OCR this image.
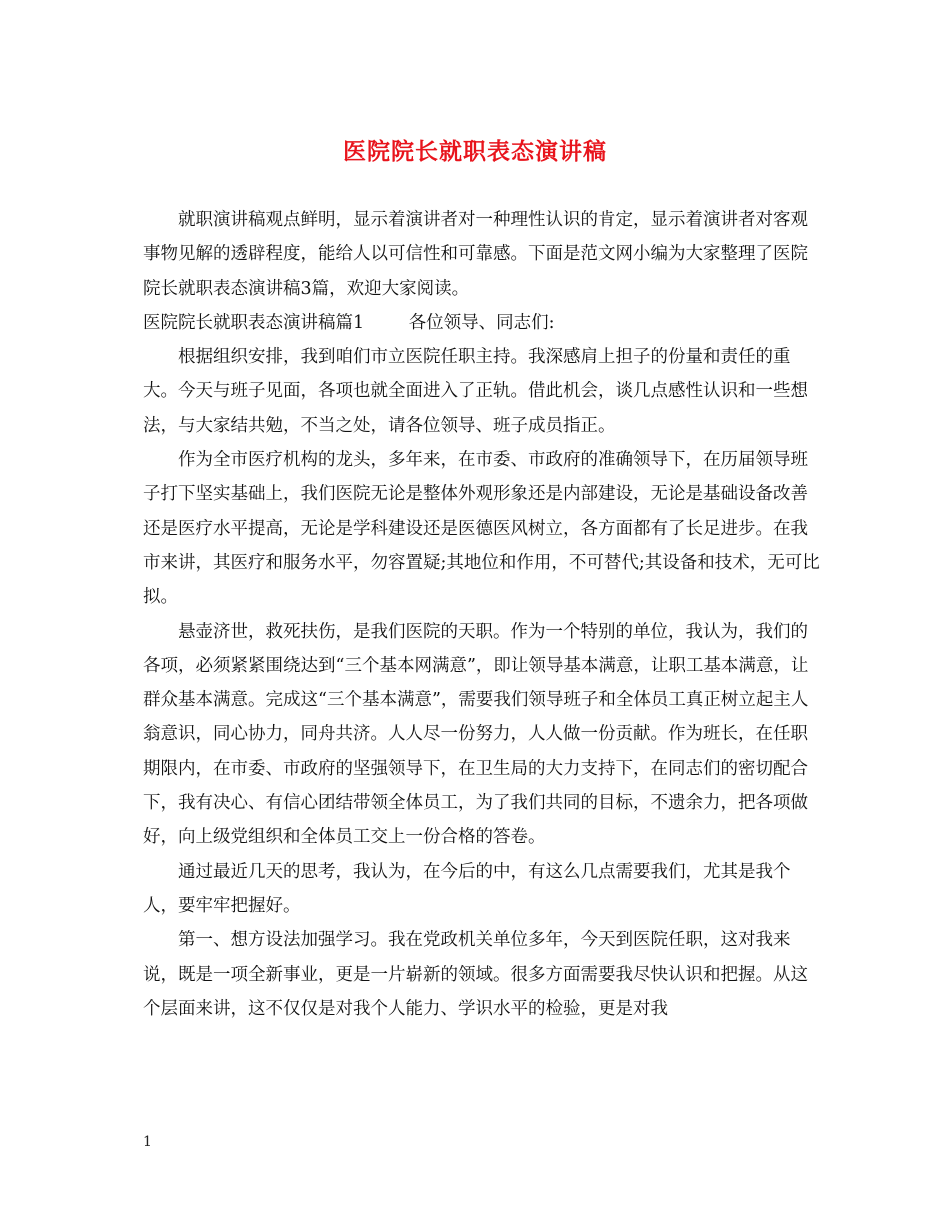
医院院长就职表态演讲稿
就职演讲稿观点鲜明，显示着演讲者对一种理性认识的肯定，显示着演讲者对客观事物见解的透辟程度，能给人以可信性和可靠感。下面是范文网小编为大家整理了医院院长就职表态演讲稿3篇，欢迎大家阅读。
医院院长就职表态演讲稿篇1	各位领导、同志们:
根据组织安排，我到咱们市立医院任职主持。我深感肩上担子的份量和责任的重大。今天与班子见面，各项也就全面进入了正轨。借此机会，谈几点感性认识和一些想法，与大家结共勉，不当之处，请各位领导、班子成员指正。
作为全市医疗机构的龙头，多年来，在市委、市政府的准确领导下，在历届领导班子打下坚实基础上，我们医院无论是整体外观形象还是内部建设，无论是基础设备改善还是医疗水平提高，无论是学科建设还是医德医风树立，各方面都有了长足进步。在我市来讲，其医疗和服务水平，勿容置疑;其地位和作用，不可替代;其设备和技术，无可比拟。
悬壶济世，救死扶伤，是我们医院的天职。作为一个特别的单位，我认为，我们的各项，必须紧紧围绕达到“三个基本网满意”，即让领导基本满意，让职工基本满意，让群众基本满意。完成这“三个基本满意”，需要我们领导班子和全体员工真正树立起主人翁意识，同心协力，同舟共济。人人尽一份努力，人人做一份贡献。作为班长，在任职期限内，在市委、市政府的坚强领导下，在卫生局的大力支持下，在同志们的密切配合下，我有决心、有信心团结带领全体员工，为了我们共同的目标，不遗余力，把各项做好，向上级党组织和全体员工交上一份合格的答卷。
通过最近几天的思考，我认为，在今后的中，有这么几点需要我们，尤其是我个人，要牢牢把握好。
第一、想方设法加强学习。我在党政机关单位多年，今天到医院任职，这对我来说，既是一项全新事业，更是一片崭新的领域。很多方面需要我尽快认识和把握。从这个层面来讲，这不仅仅是对我个人能力、学识水平的检验，更是对我
1
